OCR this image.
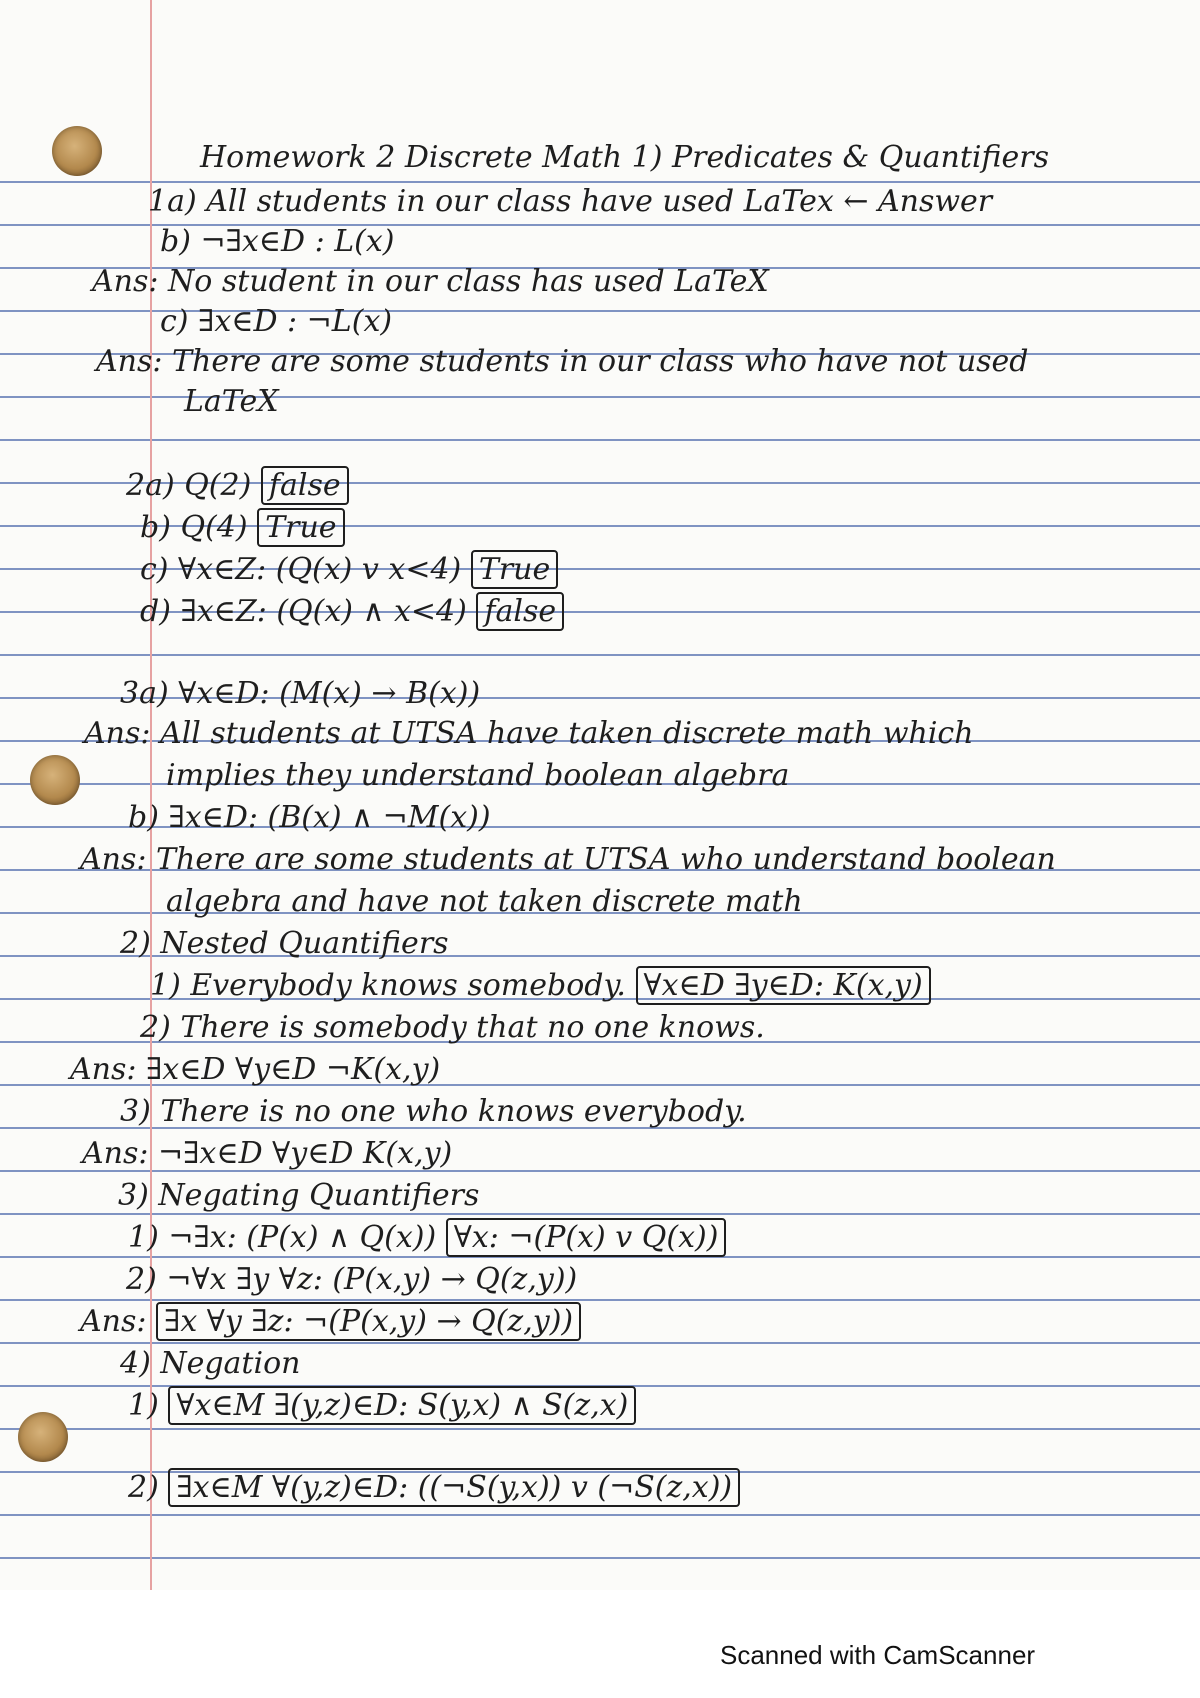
Homework 2 Discrete Math 1) Predicates & Quantifiers
1a) All students in our class have used LaTex ← Answer
b) ¬∃x∈D : L(x)
Ans: No student in our class has used LaTeX
c) ∃x∈D : ¬L(x)
Ans: There are some students in our class who have not used
LaTeX
2a) Q(2) false
b) Q(4) True
c) ∀x∈Z: (Q(x) v x<4) True
d) ∃x∈Z: (Q(x) ∧ x<4) false
3a) ∀x∈D: (M(x) → B(x))
Ans: All students at UTSA have taken discrete math which
implies they understand boolean algebra
b) ∃x∈D: (B(x) ∧ ¬M(x))
Ans: There are some students at UTSA who understand boolean
algebra and have not taken discrete math
2) Nested Quantifiers
1) Everybody knows somebody. ∀x∈D ∃y∈D: K(x,y)
2) There is somebody that no one knows.
Ans: ∃x∈D ∀y∈D ¬K(x,y)
3) There is no one who knows everybody.
Ans: ¬∃x∈D ∀y∈D K(x,y)
3) Negating Quantifiers
1) ¬∃x: (P(x) ∧ Q(x)) ∀x: ¬(P(x) v Q(x))
2) ¬∀x ∃y ∀z: (P(x,y) → Q(z,y))
Ans: ∃x ∀y ∃z: ¬(P(x,y) → Q(z,y))
4) Negation
1) ∀x∈M ∃(y,z)∈D: S(y,x) ∧ S(z,x)
2) ∃x∈M ∀(y,z)∈D: ((¬S(y,x)) v (¬S(z,x))
Scanned with CamScanner
